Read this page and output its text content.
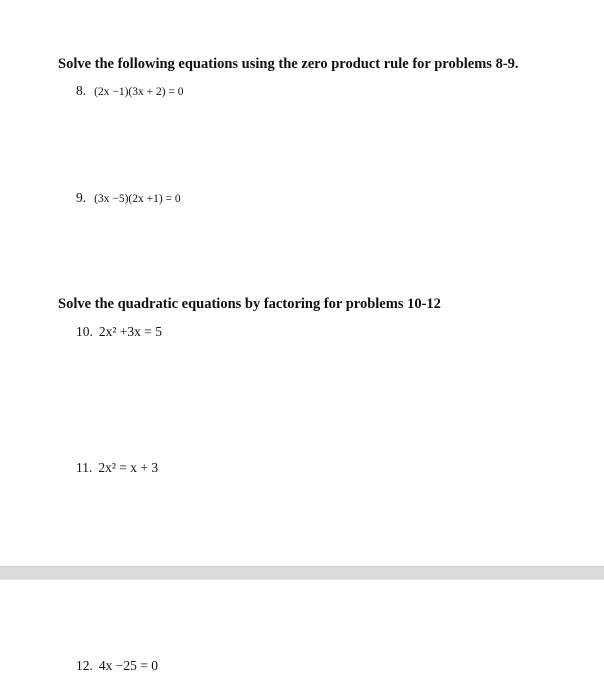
Solve the following equations using the zero product rule for problems 8-9.
8. (2x −1)(3x + 2) = 0
9. (3x −5)(2x +1) = 0
Solve the quadratic equations by factoring for problems 10-12
10. 2x² +3x = 5
11. 2x² = x + 3
12. 4x −25 = 0
